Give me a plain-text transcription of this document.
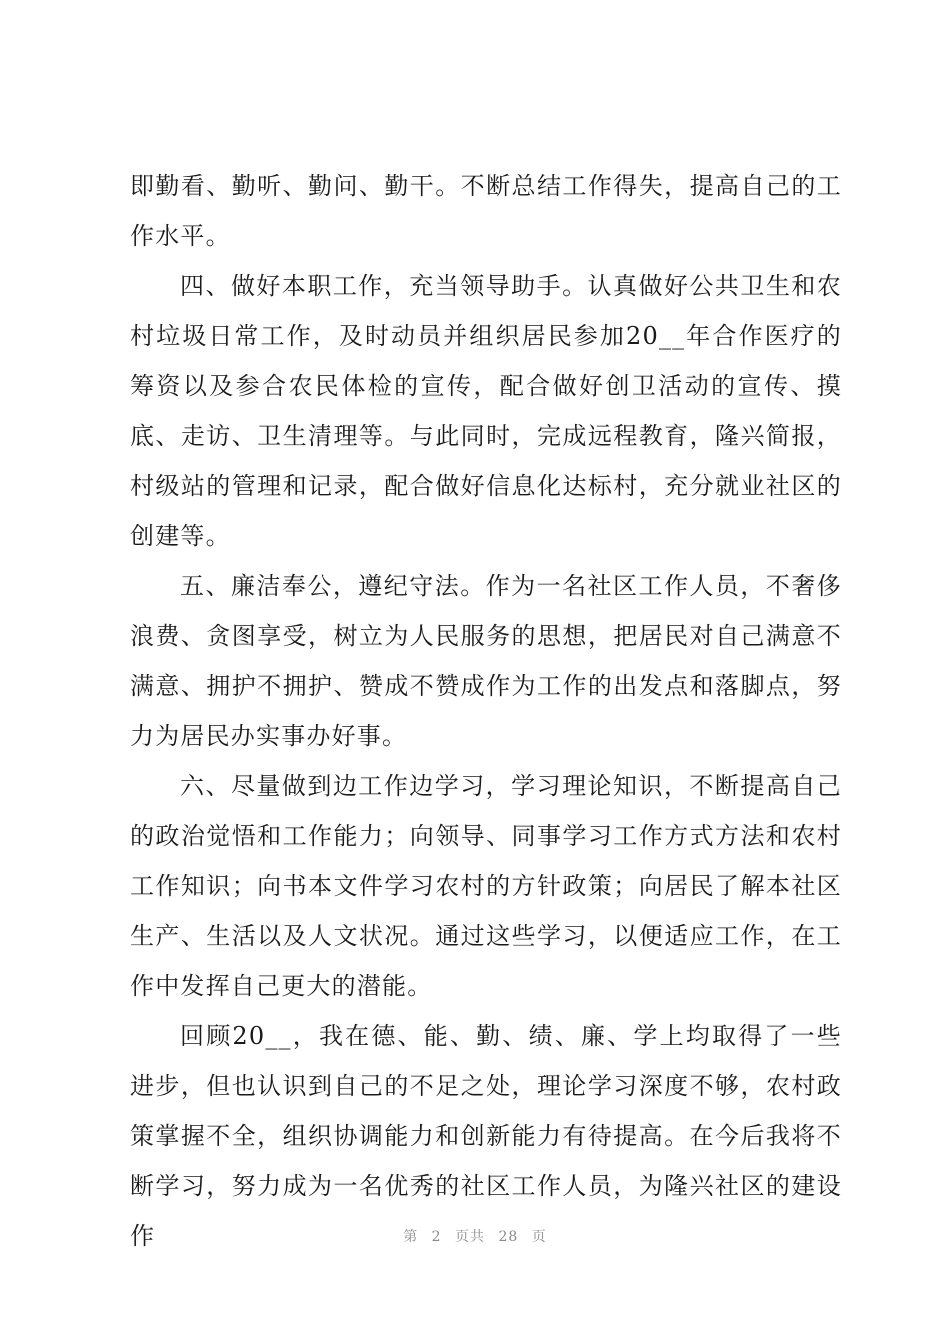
即勤看、勤听、勤问、勤干。不断总结工作得失，提高自己的工作水平。

四、做好本职工作，充当领导助手。认真做好公共卫生和农村垃圾日常工作，及时动员并组织居民参加20__年合作医疗的筹资以及参合农民体检的宣传，配合做好创卫活动的宣传、摸底、走访、卫生清理等。与此同时，完成远程教育，隆兴简报，村级站的管理和记录，配合做好信息化达标村，充分就业社区的创建等。

五、廉洁奉公，遵纪守法。作为一名社区工作人员，不奢侈浪费、贪图享受，树立为人民服务的思想，把居民对自己满意不满意、拥护不拥护、赞成不赞成作为工作的出发点和落脚点，努力为居民办实事办好事。

六、尽量做到边工作边学习，学习理论知识，不断提高自己的政治觉悟和工作能力；向领导、同事学习工作方式方法和农村工作知识；向书本文件学习农村的方针政策；向居民了解本社区生产、生活以及人文状况。通过这些学习，以便适应工作，在工作中发挥自己更大的潜能。

回顾20__，我在德、能、勤、绩、廉、学上均取得了一些进步，但也认识到自己的不足之处，理论学习深度不够，农村政策掌握不全，组织协调能力和创新能力有待提高。在今后我将不断学习，努力成为一名优秀的社区工作人员，为隆兴社区的建设作	第 2 页共 28 页
